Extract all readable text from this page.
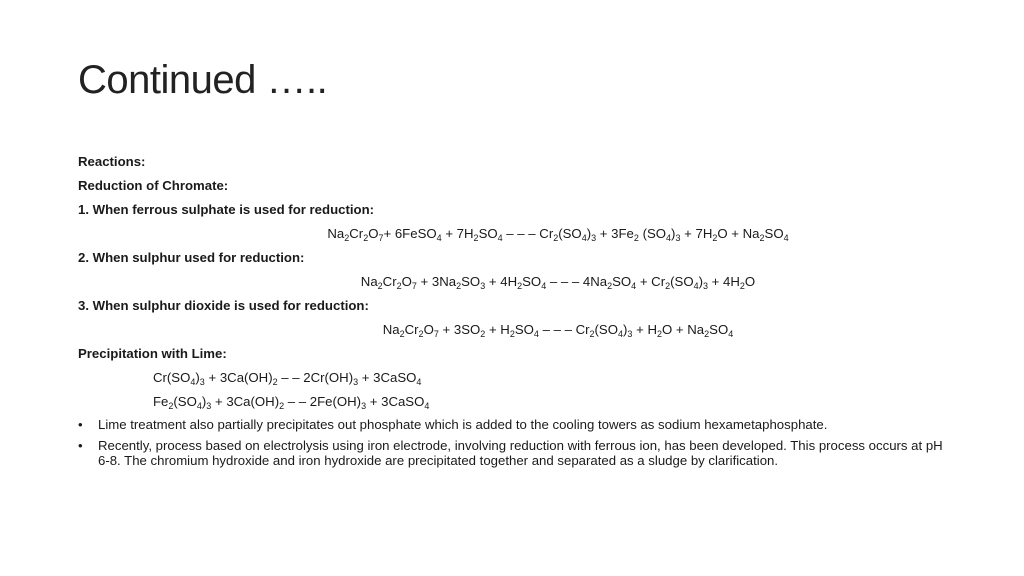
Continued …..
Reactions:
Reduction of Chromate:
1. When ferrous sulphate is used for reduction:
$Na_2Cr_2O_7+$ 6FeSO$_4$ + $7H_2SO_4$ – – – $Cr_2(SO_4)_3 + 3Fe_2$ $(SO_4)_3 + 7H_2O + Na_2SO_4$
2. When sulphur used for reduction:
$Na_2Cr_2O_7 + 3Na_2SO_3 + 4H_2SO_4$ – – – $4Na_2SO_4 + Cr_2(SO_4)_3 + 4H_2O$
3. When sulphur dioxide is used for reduction:
$Na_2Cr_2O_7 + 3SO_2 + H_2SO_4$ – – – $Cr_2(SO_4)_3 + H_2O + Na_2SO_4$
Precipitation with Lime:
$Cr(SO_4)_3 + 3Ca(OH)_2$ – – $2Cr(OH)_3$ + 3CaSO$_4$
$Fe_2(SO_4)_3 + 3Ca(OH)_2$ – – $2Fe(OH)_3$ + 3CaSO$_4$
• Lime treatment also partially precipitates out phosphate which is added to the cooling towers as sodium hexametaphosphate.
• Recently, process based on electrolysis using iron electrode, involving reduction with ferrous ion, has been developed. This process occurs at pH 6-8. The chromium hydroxide and iron hydroxide are precipitated together and separated as a sludge by clarification.
